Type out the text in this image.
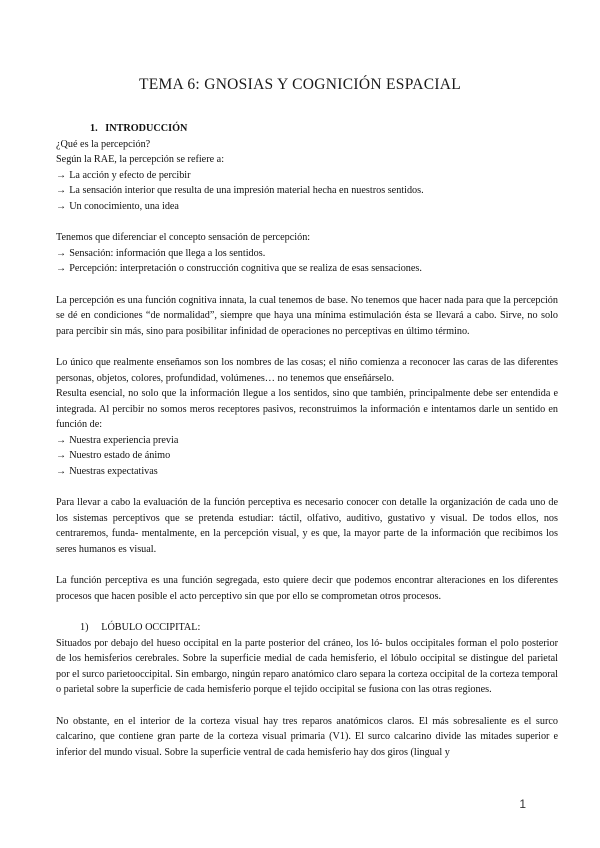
TEMA 6: GNOSIAS Y COGNICIÓN ESPACIAL

1.   INTRODUCCIÓN

¿Qué es la percepción?

Según la RAE, la percepción se refiere a:

→ La acción y efecto de percibir

→ La sensación interior que resulta de una impresión material hecha en nuestros sentidos.

→ Un conocimiento, una idea

Tenemos que diferenciar el concepto sensación de percepción:

→ Sensación: información que llega a los sentidos.

→ Percepción: interpretación o construcción cognitiva que se realiza de esas sensaciones.

La percepción es una función cognitiva innata, la cual tenemos de base. No tenemos que hacer nada para que la percepción se dé en condiciones “de normalidad”, siempre que haya una mínima estimulación ésta se llevará a cabo. Sirve, no solo para percibir sin más, sino para posibilitar infinidad de operaciones no perceptivas en último término.

Lo único que realmente enseñamos son los nombres de las cosas; el niño comienza a reconocer las caras de las diferentes personas, objetos, colores, profundidad, volúmenes… no tenemos que enseñárselo.

Resulta esencial, no solo que la información llegue a los sentidos, sino que también, principalmente debe ser entendida e integrada. Al percibir no somos meros receptores pasivos, reconstruimos la información e intentamos darle un sentido en función de:

→ Nuestra experiencia previa

→ Nuestro estado de ánimo

→ Nuestras expectativas

Para llevar a cabo la evaluación de la función perceptiva es necesario conocer con detalle la organización de cada uno de los sistemas perceptivos que se pretenda estudiar: táctil, olfativo, auditivo, gustativo y visual. De todos ellos, nos centraremos, funda- mentalmente, en la percepción visual, y es que, la mayor parte de la información que recibimos los seres humanos es visual.

La función perceptiva es una función segregada, esto quiere decir que podemos encontrar alteraciones en los diferentes procesos que hacen posible el acto perceptivo sin que por ello se comprometan otros procesos.

1)     LÓBULO OCCIPITAL:

Situados por debajo del hueso occipital en la parte posterior del cráneo, los ló- bulos occipitales forman el polo posterior de los hemisferios cerebrales. Sobre la superficie medial de cada hemisferio, el lóbulo occipital se distingue del parietal por el surco parietooccipital. Sin embargo, ningún reparo anatómico claro separa la corteza occipital de la corteza temporal o parietal sobre la superficie de cada hemisferio porque el tejido occipital se fusiona con las otras regiones.

No obstante, en el interior de la corteza visual hay tres reparos anatómicos claros. El más sobresaliente es el surco calcarino, que contiene gran parte de la corteza visual primaria (V1). El surco calcarino divide las mitades superior e inferior del mundo visual. Sobre la superficie ventral de cada hemisferio hay dos giros (lingual y

1
